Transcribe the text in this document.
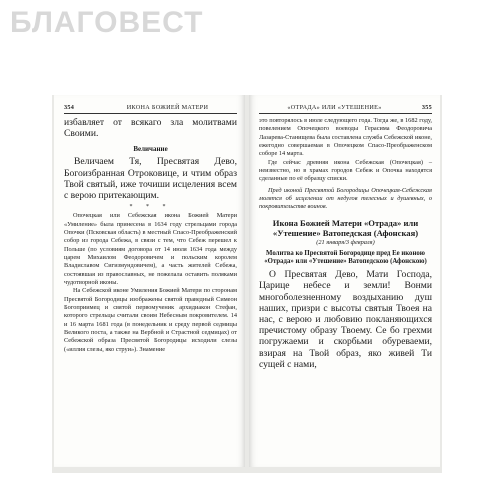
БЛАГОВЕСТ
354	ИКОНА БОЖИЕЙ МАТЕРИ

избавляет от всякаго зла молитвами Своими.

Величание

Величаем Тя, Пресвятая Дево, Богоизбранная Отроковице, и чтим образ Твой святый, иже точиши исцеления всем с верою притекающим.

* * *

Опочецкая или Себежская икона Божией Матери «Умиление» была принесена в 1634 году стрельцами города Опочки (Псковская область) в местный Спасо-Преображенский собор из города Себежа, в связи с тем, что Себеж перешел к Польше (по условиям договора от 14 июля 1634 года между царем Михаилом Феодоровичем и польским королем Владиславом Сигизмундовичем), а часть жителей Себежа, состоявшая из православных, не пожелала оставить поляками чудотворной иконы.

На Себежской иконе Умиления Божией Матери по сторонам Пресвятой Богородицы изображены святой праведный Симеон Богоприимец и святой первомученик архидиакон Стефан, которого стрельцы считали своим Небесным покровителем. 14 и 16 марта 1681 года (в понедельник и среду первой седмицы Великого поста, а также на Вербной и Страстной седмицах) от Себежской образа Пресвятой Богородицы исходили слезы («иллия слезы, яко струи»). Знамение

«ОТРАДА» ИЛИ «УТЕШЕНИЕ»	355

это повторялось в июле следующего года. Тогда же, в 1682 году, повелением Опочецкого воеводы Герасима Феодоровича Лазарева-Станищева была составлена служба Себежской иконе, ежегодно совершаемая в Опочецком Спасо-Преображенском соборе 14 марта.

Где сейчас древняя икона Себежская (Опочецкая) – неизвестно, но в храмах городов Себеж и Опочка находятся сделанные по её образцу списки.

Пред иконой Пресвятой Богородицы Опочецкая-Себежская молятся об исцелении от недугов телесных и душевных, о покровительстве воинов.

Икона Божией Матери «Отрада» или «Утешение» Ватопедская (Афонская)
(21 января/3 февраля)
Молитва ко Пресвятой Богородице пред Ее иконою «Отрада» или «Утешение» Ватопедскою (Афонскою)

О Пресвятая Дево, Мати Господа, Царице небесе и земли! Вонми многоболезненному воздыханию душ наших, призри с высоты святыя Твоея на нас, с верою и любовию покланяющихся пречистому образу Твоему. Се бо грехми погружаеми и скорбьми обуреваеми, взирая на Твой образ, яко живей Ти сущей с нами,
